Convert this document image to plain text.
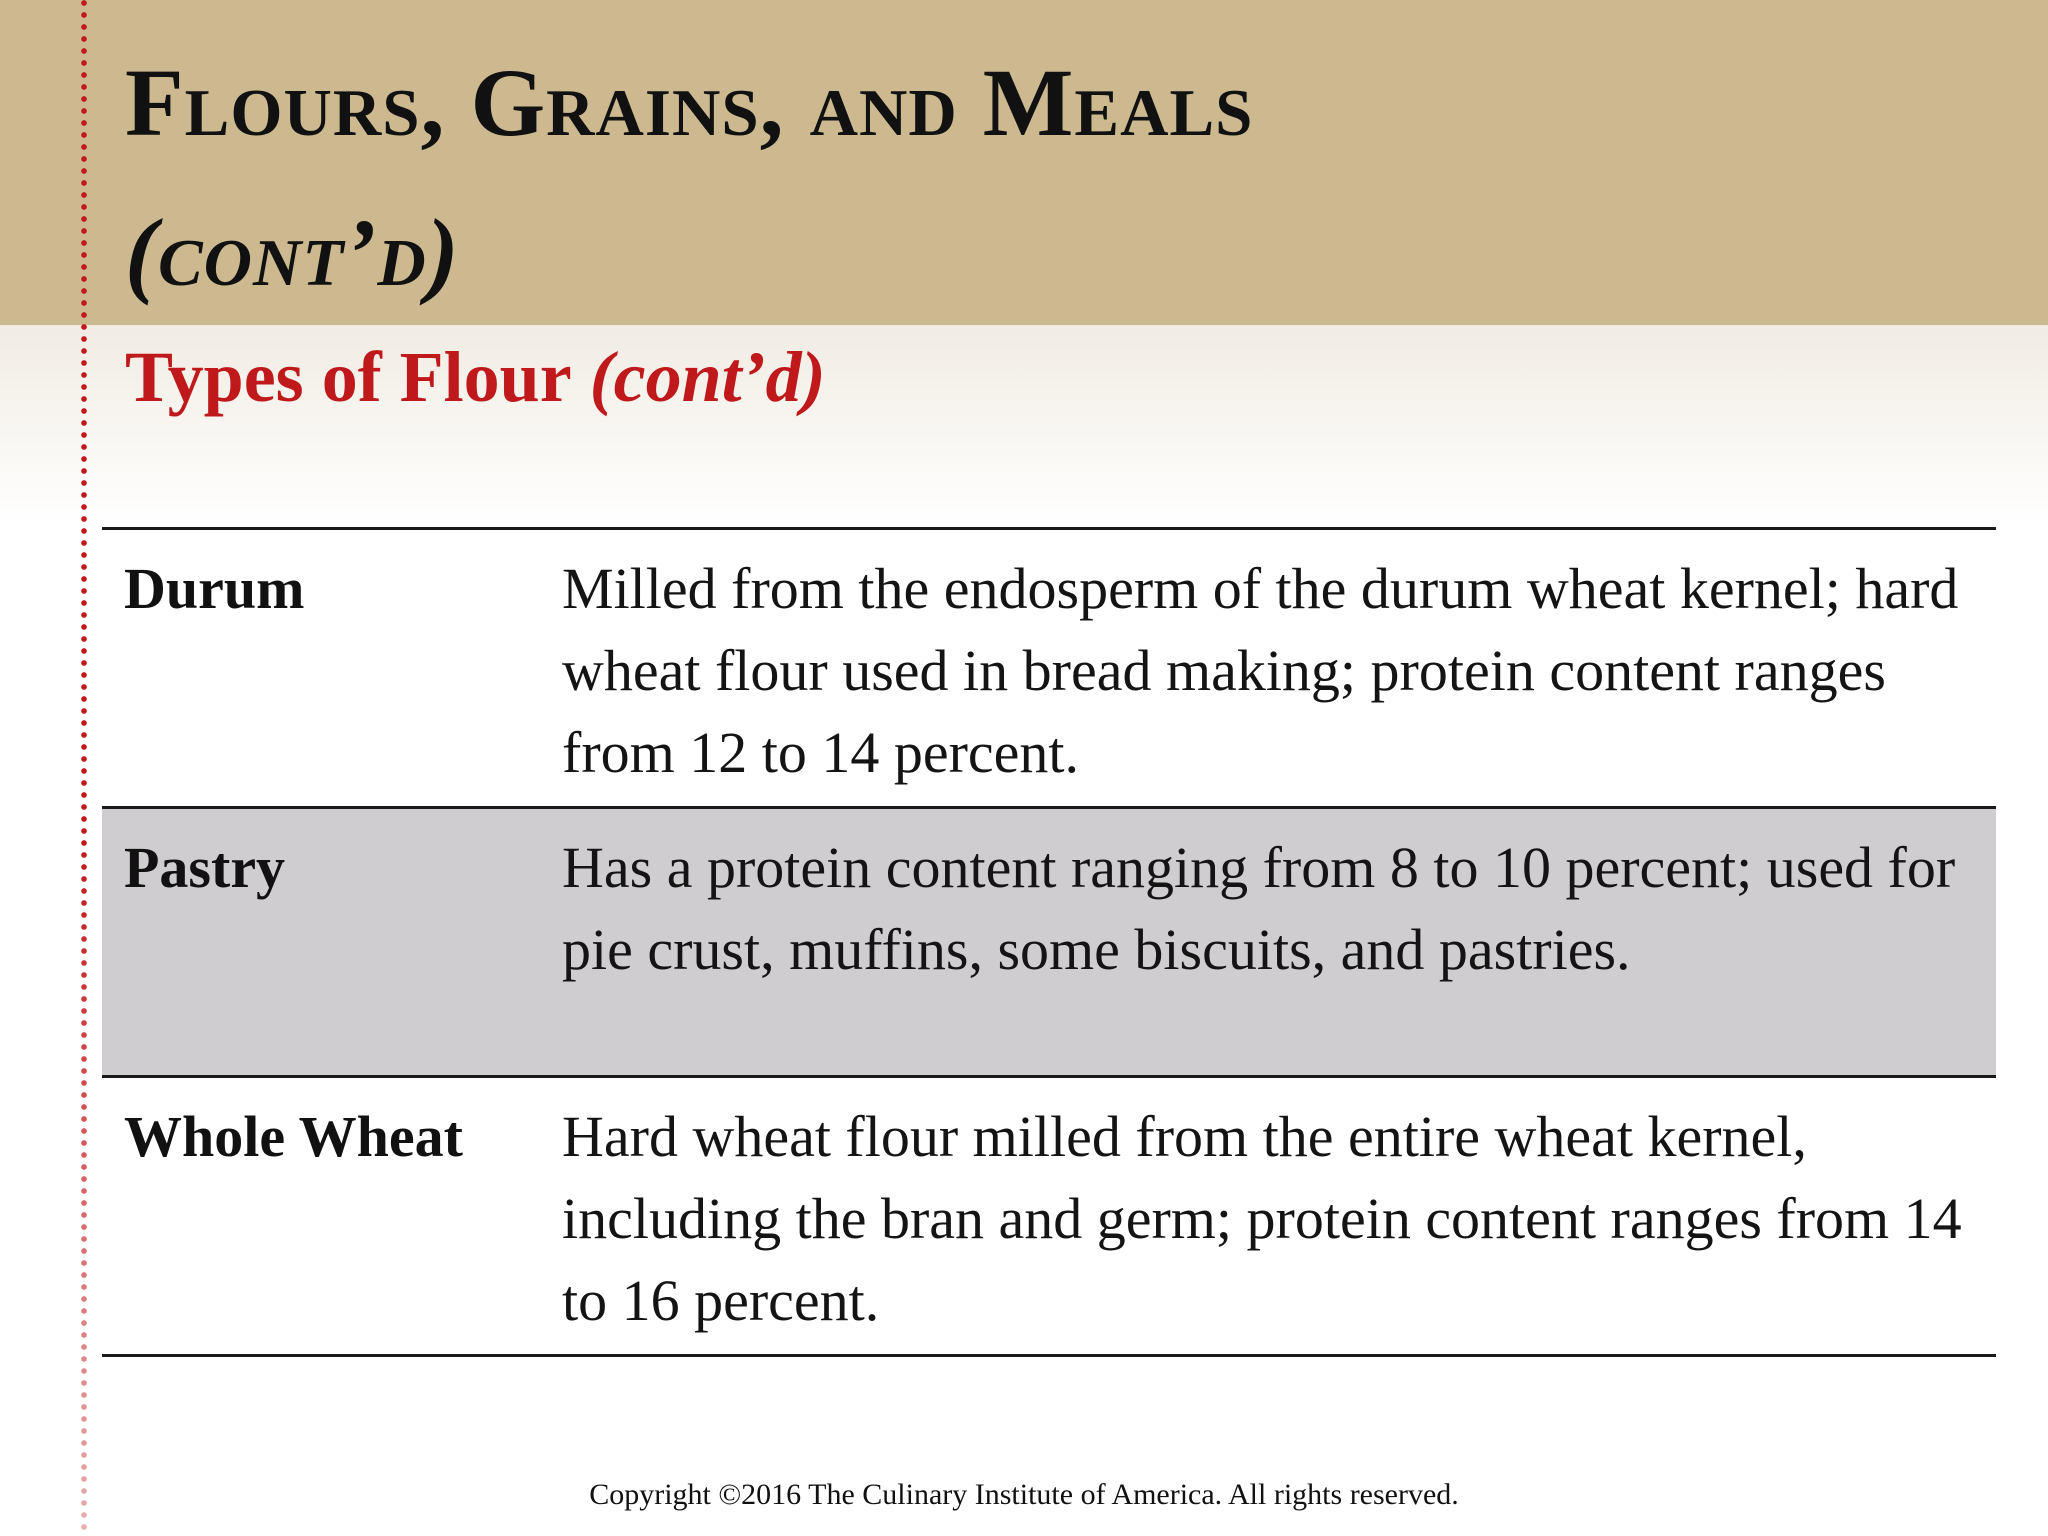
Flours, Grains, and Meals
(cont’d)
Types of Flour (cont’d)
Durum	Milled from the endosperm of the durum wheat kernel; hard wheat flour used in bread making; protein content ranges from 12 to 14 percent.
Pastry	Has a protein content ranging from 8 to 10 percent; used for pie crust, muffins, some biscuits, and pastries.
Whole Wheat	Hard wheat flour milled from the entire wheat kernel, including the bran and germ; protein content ranges from 14 to 16 percent.
Copyright ©2016 The Culinary Institute of America. All rights reserved.
